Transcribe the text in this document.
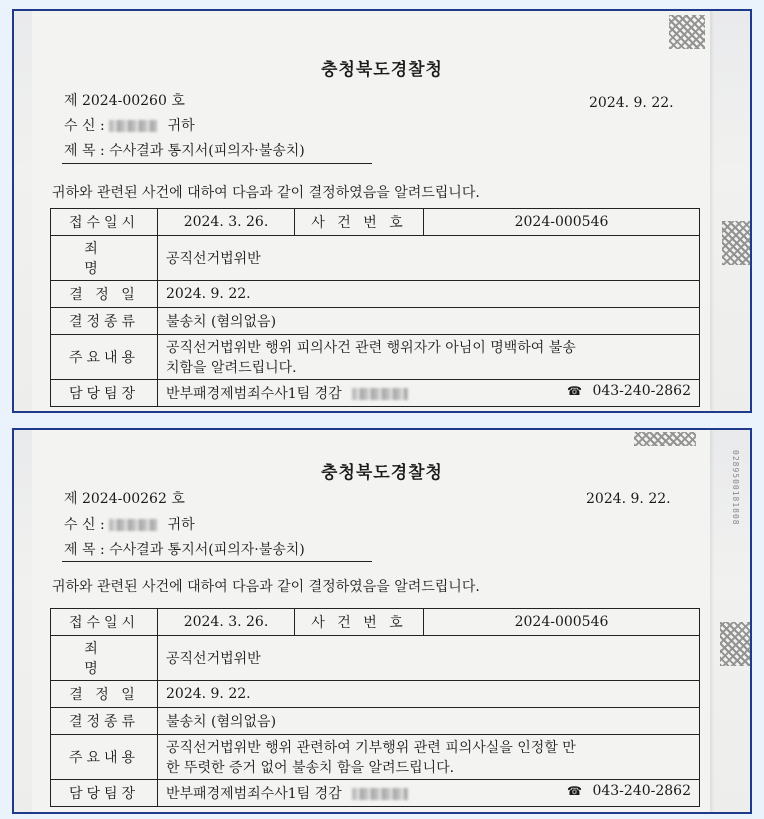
충청북도경찰청
제 2024-00260 호	2024. 9. 22.
수 신 :	귀하
제 목 : 수사결과 통지서(피의자·불송치)
귀하와 관련된 사건에 대하여 다음과 같이 결정하였음을 알려드립니다.
접수일시	2024. 3. 26.	사 건 번 호	2024-000546
죄 명	공직선거법위반		
결 정 일	2024. 9. 22.		
결정종류	불송치 (혐의없음)		
주요내용	공직선거법위반 행위 피의사건 관련 행위자가 아님이 명백하여 불송
치함을 알려드립니다.		

담당팀장	반부패경제범죄수사1팀 경감 ☎ 043-240-2862		
0289500181808
충청북도경찰청
제 2024-00262 호	2024. 9. 22.
수 신 :	귀하
제 목 : 수사결과 통지서(피의자·불송치)
귀하와 관련된 사건에 대하여 다음과 같이 결정하였음을 알려드립니다.
접수일시	2024. 3. 26.	사 건 번 호	2024-000546
죄 명	공직선거법위반		
결 정 일	2024. 9. 22.		
결정종류	불송치 (혐의없음)		
주요내용	공직선거법위반 행위 관련하여 기부행위 관련 피의사실을 인정할 만
한 뚜렷한 증거 없어 불송치 함을 알려드립니다.		

담당팀장	반부패경제범죄수사1팀 경감 ☎ 043-240-2862		
